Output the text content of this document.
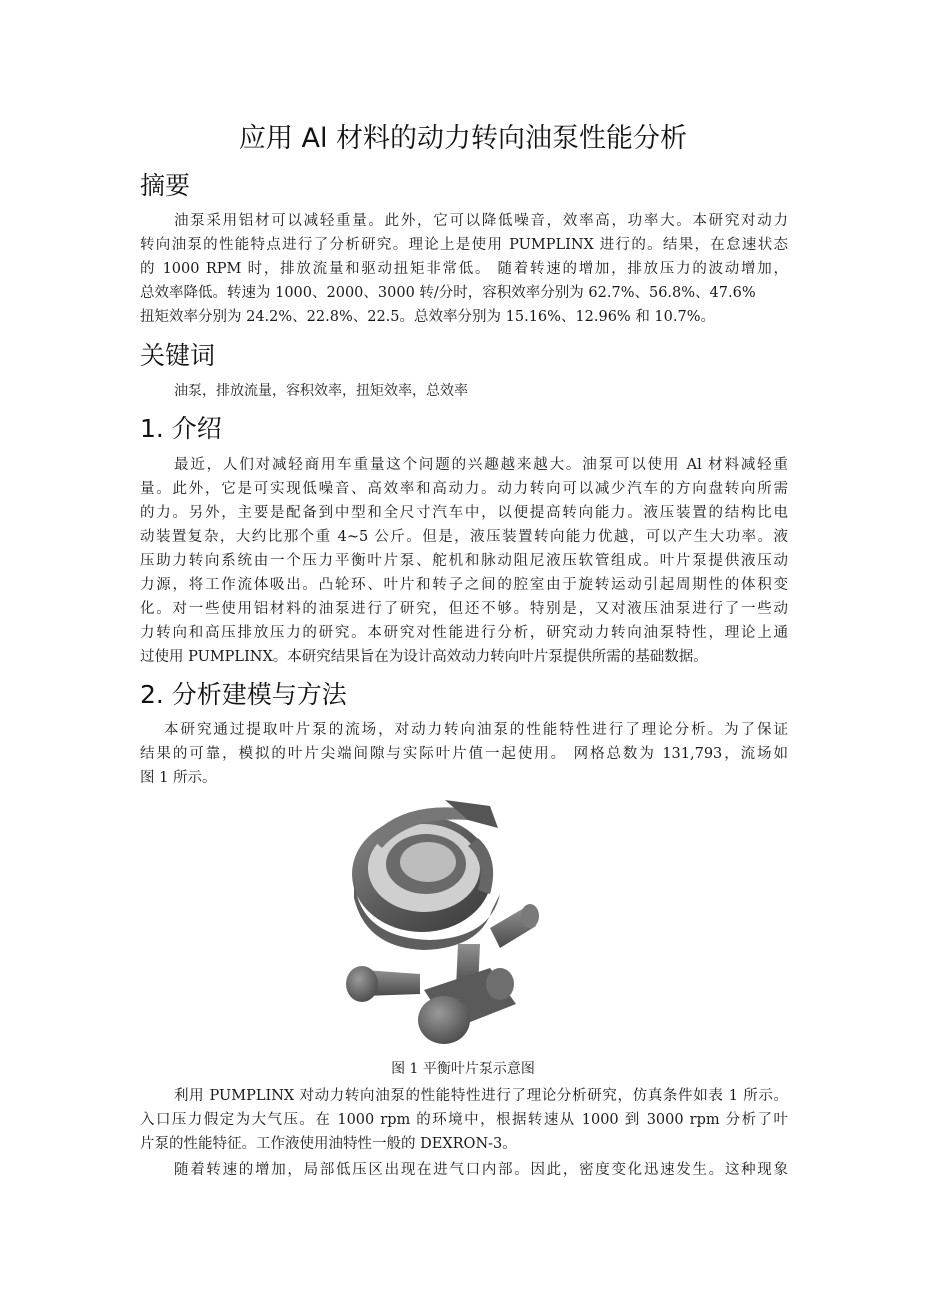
应用 Al 材料的动力转向油泵性能分析
摘要
油泵采用铝材可以减轻重量。此外，它可以降低噪音，效率高，功率大。本研究对动力
转向油泵的性能特点进行了分析研究。理论上是使用 PUMPLINX 进行的。结果，在怠速状态
的 1000 RPM 时，排放流量和驱动扭矩非常低。 随着转速的增加，排放压力的波动增加，
总效率降低。转速为 1000、2000、3000 转/分时，容积效率分别为 62.7%、56.8%、47.6%
扭矩效率分别为 24.2%、22.8%、22.5。总效率分别为 15.16%、12.96% 和 10.7%。
关键词

油泵，排放流量，容积效率，扭矩效率，总效率

1. 介绍
最近，人们对减轻商用车重量这个问题的兴趣越来越大。油泵可以使用 Al 材料减轻重
量。此外，它是可实现低噪音、高效率和高动力。动力转向可以减少汽车的方向盘转向所需
的力。另外，主要是配备到中型和全尺寸汽车中，以便提高转向能力。液压装置的结构比电
动装置复杂，大约比那个重 4~5 公斤。但是，液压装置转向能力优越，可以产生大功率。液
压助力转向系统由一个压力平衡叶片泵、舵机和脉动阻尼液压软管组成。叶片泵提供液压动
力源，将工作流体吸出。凸轮环、叶片和转子之间的腔室由于旋转运动引起周期性的体积变
化。对一些使用铝材料的油泵进行了研究，但还不够。特别是，又对液压油泵进行了一些动
力转向和高压排放压力的研究。本研究对性能进行分析，研究动力转向油泵特性，理论上通
过使用 PUMPLINX。本研究结果旨在为设计高效动力转向叶片泵提供所需的基础数据。
2. 分析建模与方法
本研究通过提取叶片泵的流场，对动力转向油泵的性能特性进行了理论分析。为了保证
结果的可靠，模拟的叶片尖端间隙与实际叶片值一起使用。 网格总数为 131,793，流场如
图 1 所示。

图 1 平衡叶片泵示意图

利用 PUMPLINX 对动力转向油泵的性能特性进行了理论分析研究，仿真条件如表 1 所示。
入口压力假定为大气压。在 1000 rpm 的环境中，根据转速从 1000 到 3000 rpm 分析了叶
片泵的性能特征。工作液使用油特性一般的 DEXRON-3。
随着转速的增加，局部低压区出现在进气口内部。因此，密度变化迅速发生。这种现象
